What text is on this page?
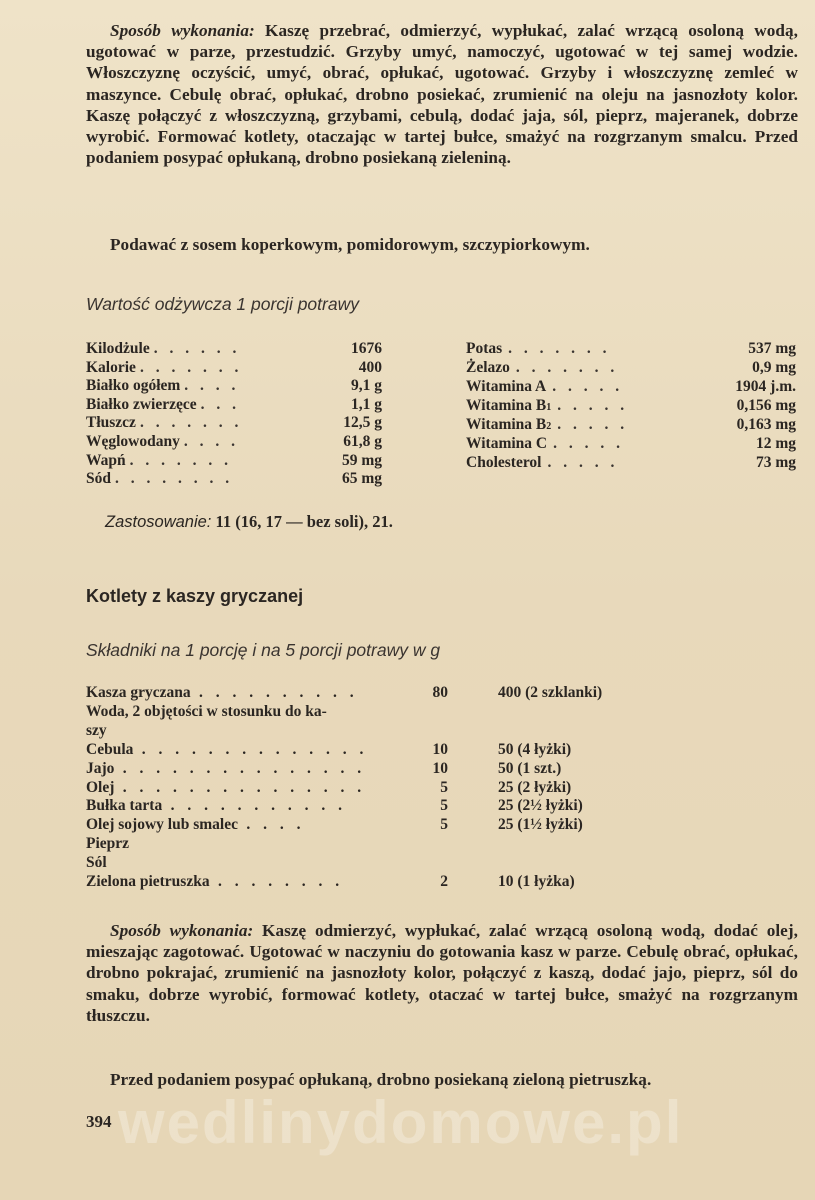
Sposób wykonania: Kaszę przebrać, odmierzyć, wypłukać, zalać wrzącą osoloną wodą, ugotować w parze, przestudzić. Grzyby umyć, namoczyć, ugotować w tej samej wodzie. Włoszczyznę oczyścić, umyć, obrać, opłukać, ugotować. Grzyby i włoszczyznę zemleć w maszynce. Cebulę obrać, opłukać, drobno posiekać, zrumienić na oleju na jasnozłoty kolor. Kaszę połączyć z włoszczyzną, grzybami, cebulą, dodać jaja, sól, pieprz, majeranek, dobrze wyrobić. Formować kotlety, otaczając w tartej bułce, smażyć na rozgrzanym smalcu. Przed podaniem posypać opłukaną, drobno posiekaną zieleniną.
Podawać z sosem koperkowym, pomidorowym, szczypiorkowym.
Wartość odżywcza 1 porcji potrawy
Kilodżule . . . . . .	1676
Kalorie . . . . . . .	400
Białko ogółem . . . .	9,1 g
Białko zwierzęce . . .	1,1 g
Tłuszcz . . . . . . .	12,5 g
Węglowodany . . . .	61,8 g
Wapń . . . . . . .	59 mg
Sód . . . . . . . .	65 mg
Potas . . . . . . .	537 mg
Żelazo . . . . . . .	0,9 mg
Witamina A . . . . .	1904 j.m.
Witamina B 1 . . . . .	0,156 mg
Witamina B 2 . . . . .	0,163 mg
Witamina C . . . . .	12 mg
Cholesterol . . . . .	73 mg
Zastosowanie: 11 (16, 17 — bez soli), 21.
Kotlety z kaszy gryczanej
Składniki na 1 porcję i na 5 porcji potrawy w g
Kasza gryczana . . . . . . . . . .	80	400 (2 szklanki)
Woda, 2 objętości w stosunku do ka-
szy
Cebula . . . . . . . . . . . . . .	10	50 (4 łyżki)
Jajo . . . . . . . . . . . . . . .	10	50 (1 szt.)
Olej . . . . . . . . . . . . . . .	5	25 (2 łyżki)
Bułka tarta . . . . . . . . . . .	5	25 (2½ łyżki)
Olej sojowy lub smalec . . . .	5	25 (1½ łyżki)
Pieprz
Sól
Zielona pietruszka . . . . . . . .	2	10 (1 łyżka)
Sposób wykonania: Kaszę odmierzyć, wypłukać, zalać wrzącą osoloną wodą, dodać olej, mieszając zagotować. Ugotować w naczyniu do gotowania kasz w parze. Cebulę obrać, opłukać, drobno pokrajać, zrumienić na jasnozłoty kolor, połączyć z kaszą, dodać jajo, pieprz, sól do smaku, dobrze wyrobić, formować kotlety, otaczać w tartej bułce, smażyć na rozgrzanym tłuszczu.
Przed podaniem posypać opłukaną, drobno posiekaną zieloną pietruszką.
wedlinydomowe.pl
394
